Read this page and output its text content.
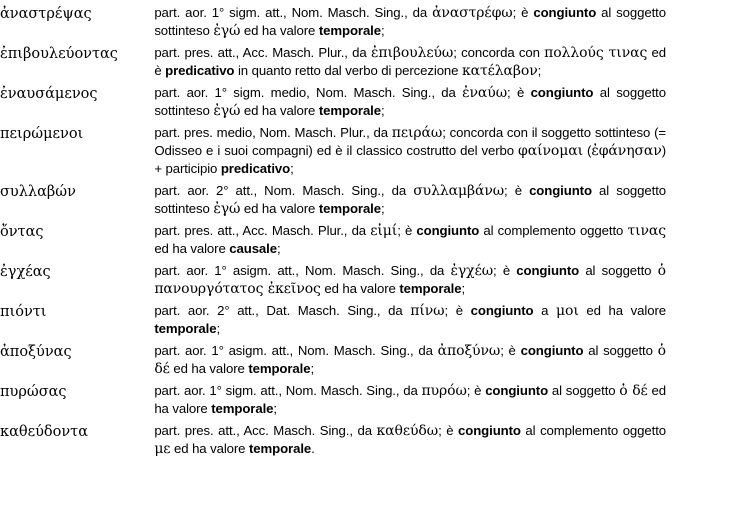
ἀναστρέψας	part. aor. 1° sigm. att., Nom. Masch. Sing., da ἀναστρέφω; è congiunto al soggetto sottinteso ἐγώ ed ha valore temporale;
ἐπιβουλεύοντας	part. pres. att., Acc. Masch. Plur., da ἐπιβουλεύω; concorda con πολλούς τινας ed è predicativo in quanto retto dal verbo di percezione κατέλαβον;
ἐναυσάμενος	part. aor. 1° sigm. medio, Nom. Masch. Sing., da ἐναύω; è congiunto al soggetto sottinteso ἐγώ ed ha valore temporale;
πειρώμενοι	part. pres. medio, Nom. Masch. Plur., da πειράω; concorda con il soggetto sottinteso (= Odisseo e i suoi compagni) ed è il classico costrutto del verbo φαίνομαι (ἐφάνησαν) + participio predicativo;
συλλαβών	part. aor. 2° att., Nom. Masch. Sing., da συλλαμβάνω; è congiunto al soggetto sottinteso ἐγώ ed ha valore temporale;
ὄντας	part. pres. att., Acc. Masch. Plur., da εἰμί; è congiunto al complemento oggetto τινας ed ha valore causale;
ἐγχέας	part. aor. 1° asigm. att., Nom. Masch. Sing., da ἐγχέω; è congiunto al soggetto ὁ πανουργότατος ἐκεῖνος ed ha valore temporale;
πιόντι	part. aor. 2° att., Dat. Masch. Sing., da πίνω; è congiunto a μοι ed ha valore temporale;
ἀποξύνας	part. aor. 1° asigm. att., Nom. Masch. Sing., da ἀποξύνω; è congiunto al soggetto ὁ δέ ed ha valore temporale;
πυρώσας	part. aor. 1° sigm. att., Nom. Masch. Sing., da πυρόω; è congiunto al soggetto ὁ δέ ed ha valore temporale;
καθεύδοντα	part. pres. att., Acc. Masch. Sing., da καθεύδω; è congiunto al complemento oggetto με ed ha valore temporale.
